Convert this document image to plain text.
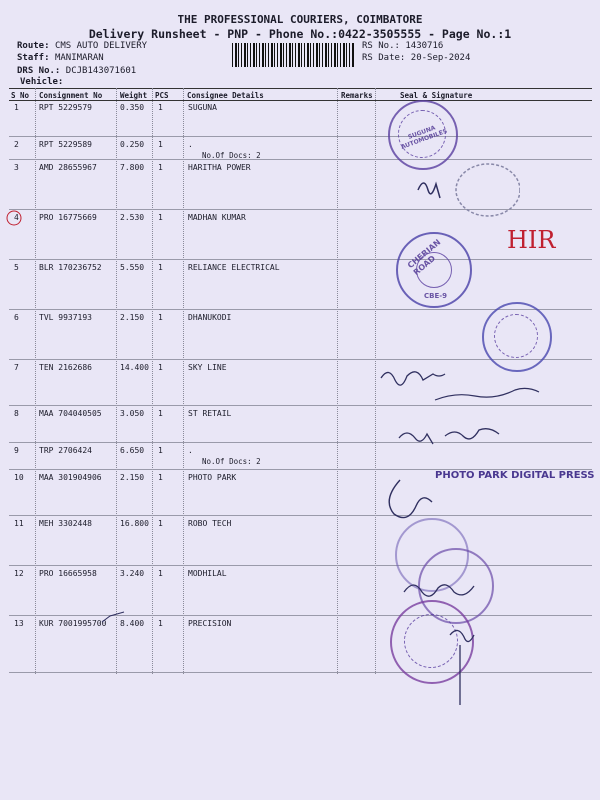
THE PROFESSIONAL COURIERS, COIMBATORE
Delivery Runsheet - PNP - Phone No.:0422-3505555 - Page No.:1
Route: CMS AUTO DELIVERY
Staff: MANIMARAN
DRS No.: DCJB143071601
Vehicle:
RS No.: 1430716
RS Date: 20-Sep-2024
S No Consignment No Weight PCS Consignee Details	Remarks	Seal & Signature
1	RPT 5229579	0.350 1	SUGUNA
2	RPT 5229589	0.250 1	.
No.Of Docs: 2
3	AMD 28655967	7.800 1	HARITHA POWER
4	PRO 16775669	2.530 1	MADHAN KUMAR
5	BLR 170236752 5.550 1	RELIANCE ELECTRICAL
6	TVL 9937193	2.150 1	DHANUKODI
7	TEN 2162686	14.400 1	SKY LINE
8	MAA 704040505 3.050 1	ST RETAIL
9	TRP 2706424	6.650 1	.
No.Of Docs: 2
10 MAA 301904906 2.150 1	PHOTO PARK
11 MEH 3302448	16.800 1	ROBO TECH
12 PRO 16665958	3.240 1	MODHILAL
13 KUR 7001995700 8.400 1	PRECISION
SUGUNA AUTOMOBILES
CHERIAN ROAD
CBE-9
HIR
PHOTO PARK DIGITAL PRESS
